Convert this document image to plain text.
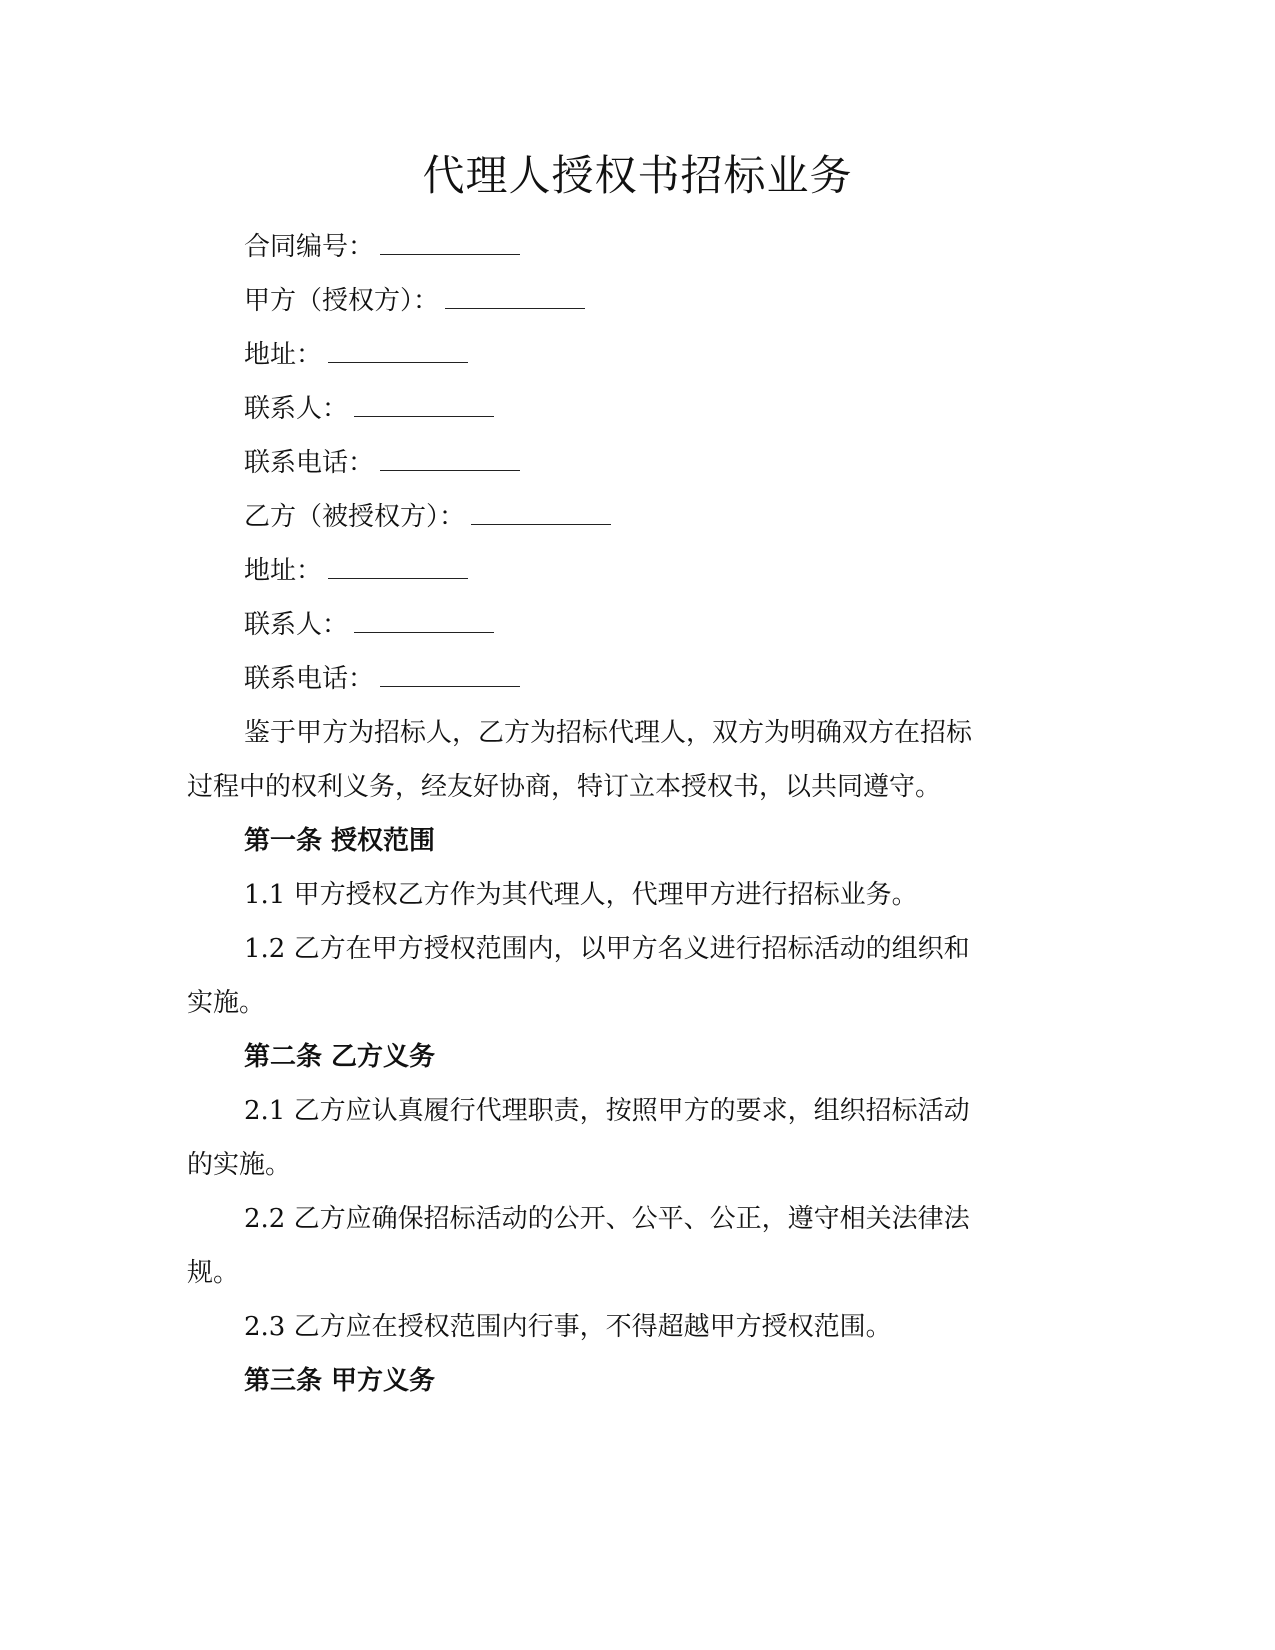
代理人授权书招标业务
合同编号：
甲方（授权方）：
地址：
联系人：
联系电话：
乙方（被授权方）：
地址：
联系人：
联系电话：
鉴于甲方为招标人，乙方为招标代理人，双方为明确双方在招标
过程中的权利义务，经友好协商，特订立本授权书，以共同遵守。
第一条 授权范围
1.1 甲方授权乙方作为其代理人，代理甲方进行招标业务。
1.2 乙方在甲方授权范围内，以甲方名义进行招标活动的组织和
实施。
第二条 乙方义务
2.1 乙方应认真履行代理职责，按照甲方的要求，组织招标活动
的实施。
2.2 乙方应确保招标活动的公开、公平、公正，遵守相关法律法
规。
2.3 乙方应在授权范围内行事，不得超越甲方授权范围。
第三条 甲方义务
